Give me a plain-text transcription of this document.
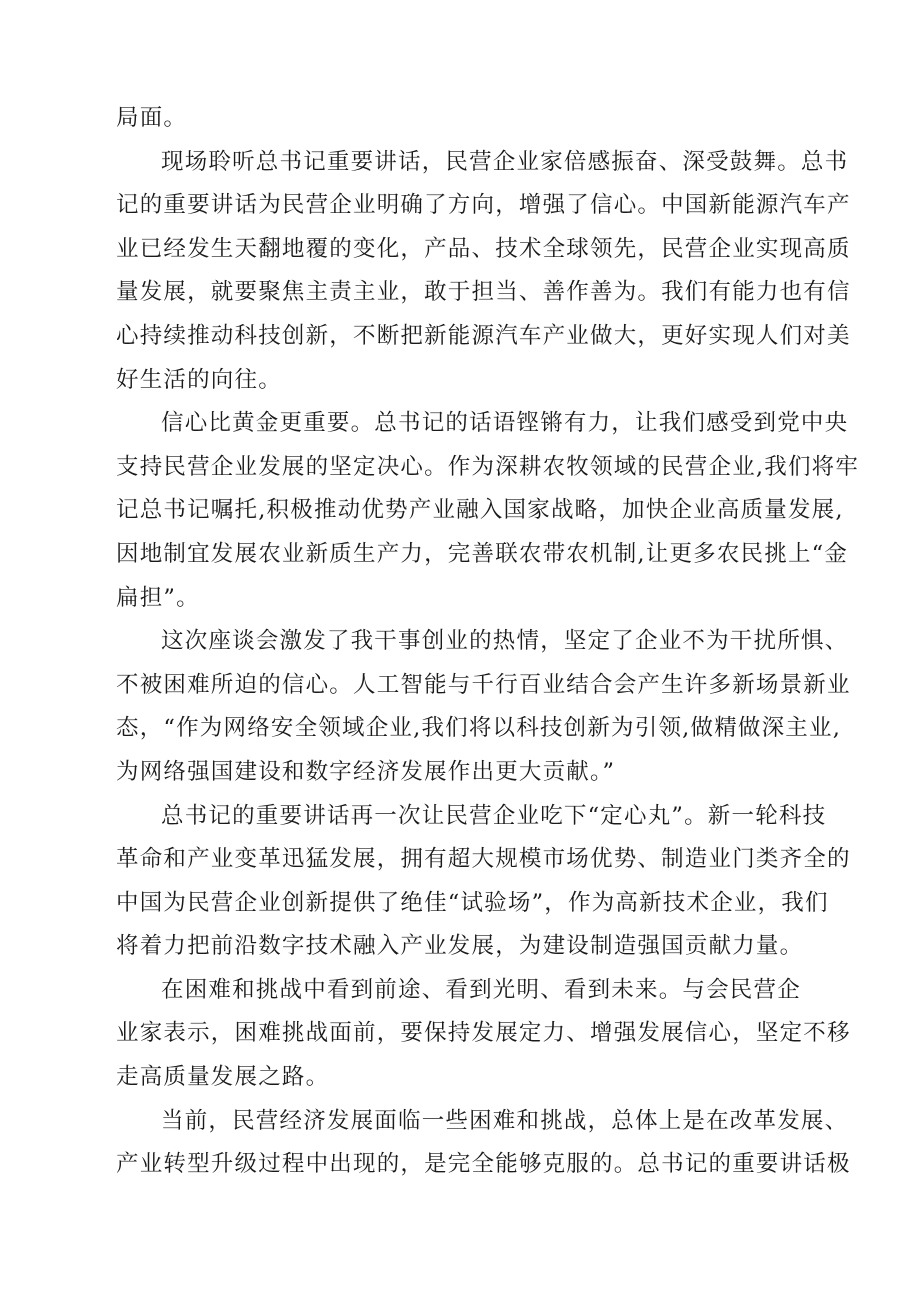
局面。
现场聆听总书记重要讲话，民营企业家倍感振奋、深受鼓舞。总书
记的重要讲话为民营企业明确了方向，增强了信心。中国新能源汽车产
业已经发生天翻地覆的变化，产品、技术全球领先，民营企业实现高质
量发展，就要聚焦主责主业，敢于担当、善作善为。我们有能力也有信
心持续推动科技创新，不断把新能源汽车产业做大，更好实现人们对美
好生活的向往。
信心比黄金更重要。总书记的话语铿锵有力，让我们感受到党中央
支持民营企业发展的坚定决心。作为深耕农牧领域的民营企业,我们将牢
记总书记嘱托,积极推动优势产业融入国家战略，加快企业高质量发展,
因地制宜发展农业新质生产力，完善联农带农机制,让更多农民挑上“金
扁担”。
这次座谈会激发了我干事创业的热情，坚定了企业不为干扰所惧、
不被困难所迫的信心。人工智能与千行百业结合会产生许多新场景新业
态，“作为网络安全领域企业,我们将以科技创新为引领,做精做深主业,
为网络强国建设和数字经济发展作出更大贡献。”
总书记的重要讲话再一次让民营企业吃下“定心丸”。新一轮科技
革命和产业变革迅猛发展，拥有超大规模市场优势、制造业门类齐全的
中国为民营企业创新提供了绝佳“试验场”，作为高新技术企业，我们
将着力把前沿数字技术融入产业发展，为建设制造强国贡献力量。
在困难和挑战中看到前途、看到光明、看到未来。与会民营企
业家表示，困难挑战面前，要保持发展定力、增强发展信心，坚定不移
走高质量发展之路。
当前，民营经济发展面临一些困难和挑战，总体上是在改革发展、
产业转型升级过程中出现的，是完全能够克服的。总书记的重要讲话极
